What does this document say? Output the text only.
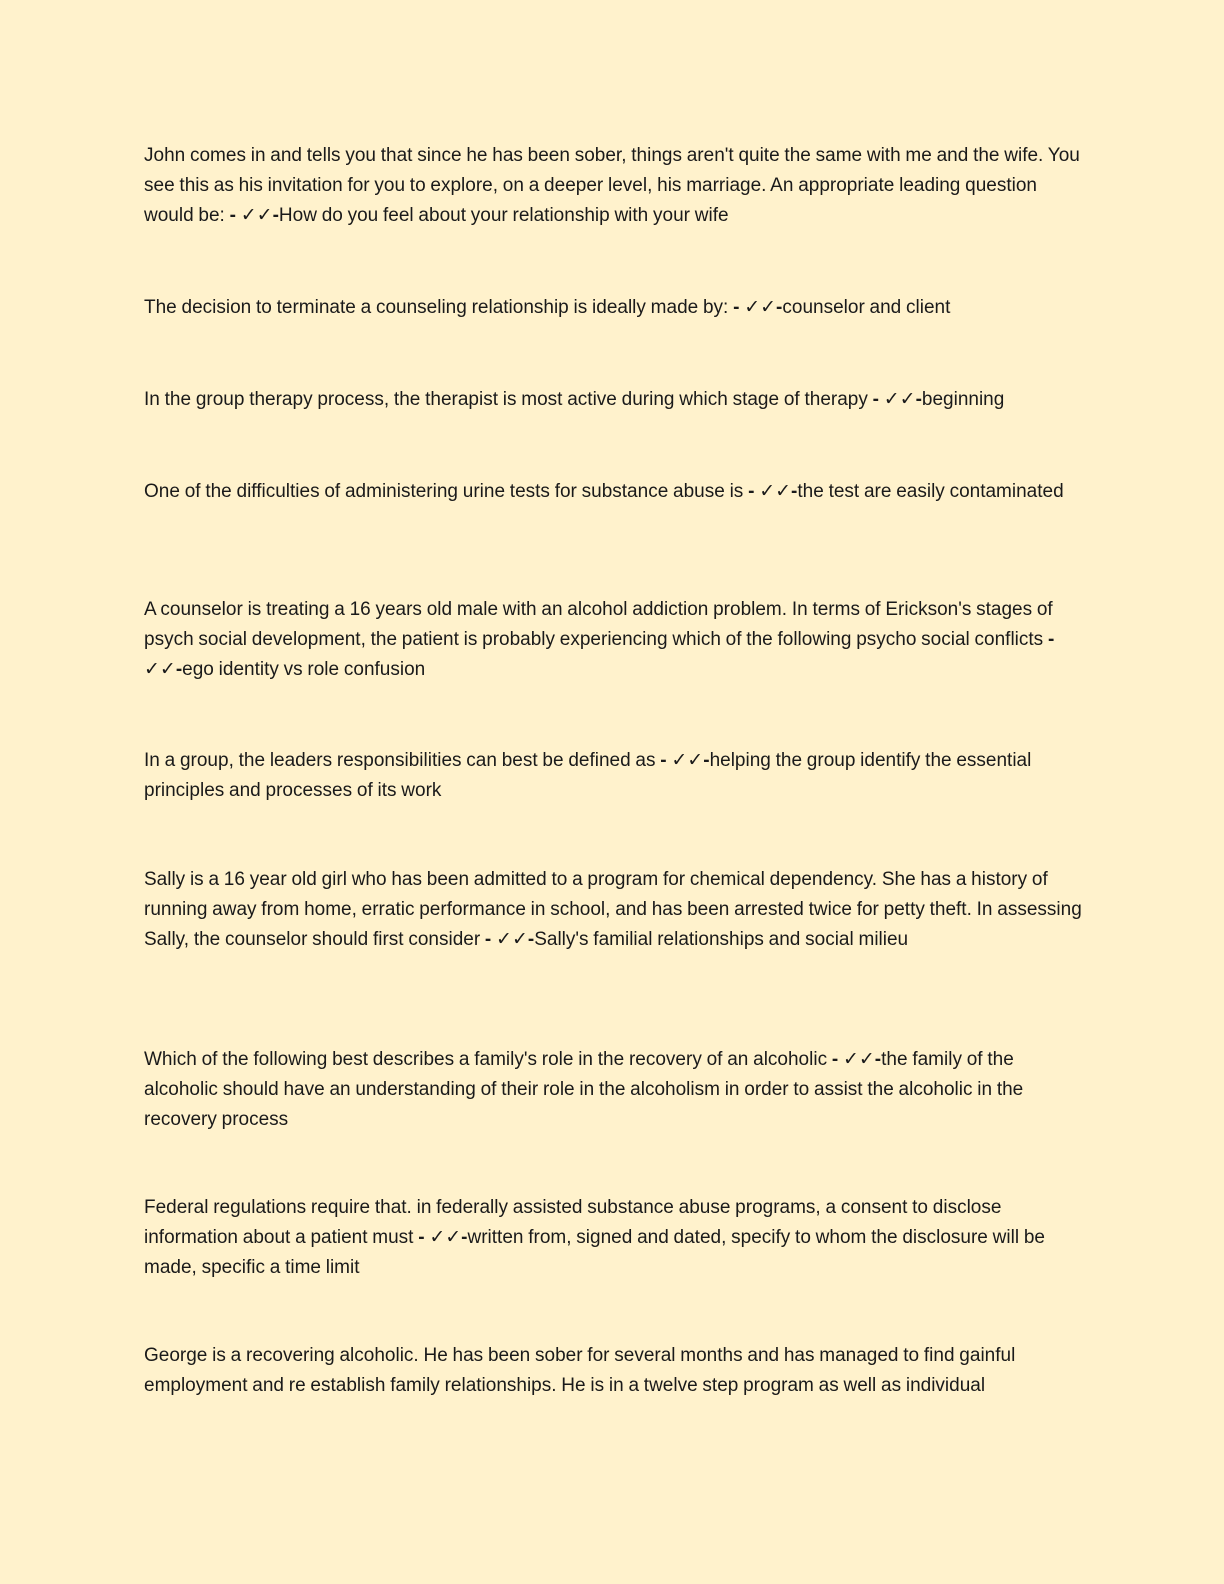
John comes in and tells you that since he has been sober, things aren't quite the same with me and the wife. You see this as his invitation for you to explore, on a deeper level, his marriage. An appropriate leading question would be: - ✓✓-How do you feel about your relationship with your wife

The decision to terminate a counseling relationship is ideally made by: - ✓✓-counselor and client

In the group therapy process, the therapist is most active during which stage of therapy - ✓✓-beginning

One of the difficulties of administering urine tests for substance abuse is - ✓✓-the test are easily contaminated

A counselor is treating a 16 years old male with an alcohol addiction problem. In terms of Erickson's stages of psych social development, the patient is probably experiencing which of the following psycho social conflicts - ✓✓-ego identity vs role confusion

In a group, the leaders responsibilities can best be defined as - ✓✓-helping the group identify the essential principles and processes of its work

Sally is a 16 year old girl who has been admitted to a program for chemical dependency. She has a history of running away from home, erratic performance in school, and has been arrested twice for petty theft. In assessing Sally, the counselor should first consider - ✓✓-Sally's familial relationships and social milieu

Which of the following best describes a family's role in the recovery of an alcoholic - ✓✓-the family of the alcoholic should have an understanding of their role in the alcoholism in order to assist the alcoholic in the recovery process

Federal regulations require that. in federally assisted substance abuse programs, a consent to disclose information about a patient must - ✓✓-written from, signed and dated, specify to whom the disclosure will be made, specific a time limit

George is a recovering alcoholic. He has been sober for several months and has managed to find gainful employment and re establish family relationships. He is in a twelve step program as well as individual
